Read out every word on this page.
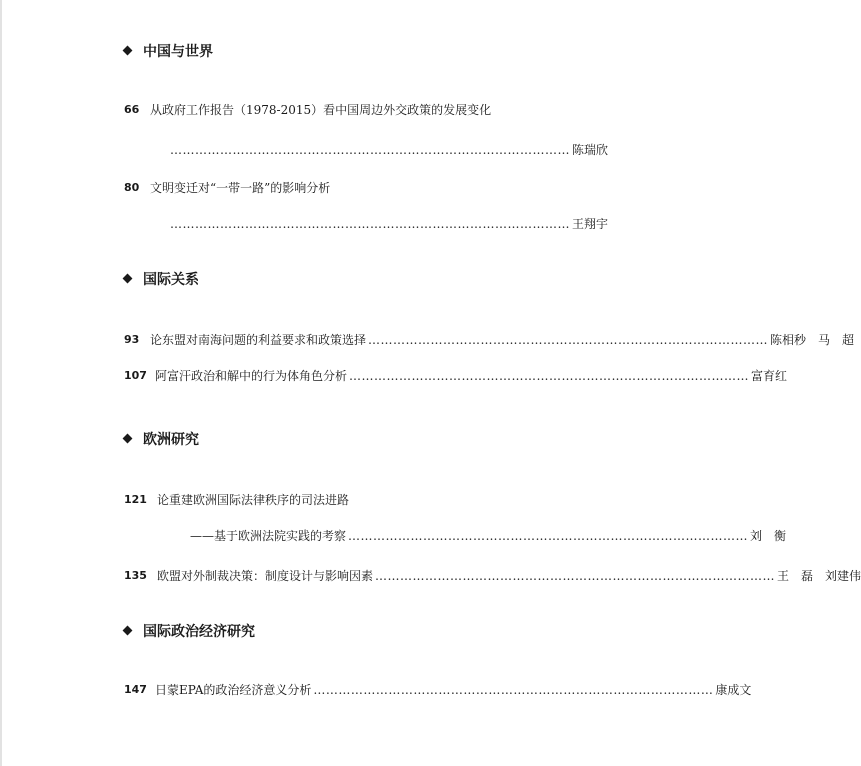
中国与世界
66 从政府工作报告（1978-2015）看中国周边外交政策的发展变化
…………………………………………………………………………………… 陈瑞欣
80 文明变迁对“一带一路”的影响分析
…………………………………………………………………………………… 王翔宇
国际关系
93 论东盟对南海问题的利益要求和政策选择 …………………………………………………………………………………… 陈相秒　马　超
107 阿富汗政治和解中的行为体角色分析 …………………………………………………………………………………… 富育红
欧洲研究
121 论重建欧洲国际法律秩序的司法进路
——基于欧洲法院实践的考察 …………………………………………………………………………………… 刘　衡
135 欧盟对外制裁决策：制度设计与影响因素 …………………………………………………………………………………… 王　磊　刘建伟
国际政治经济研究
147 日蒙EPA的政治经济意义分析 …………………………………………………………………………………… 康成文
